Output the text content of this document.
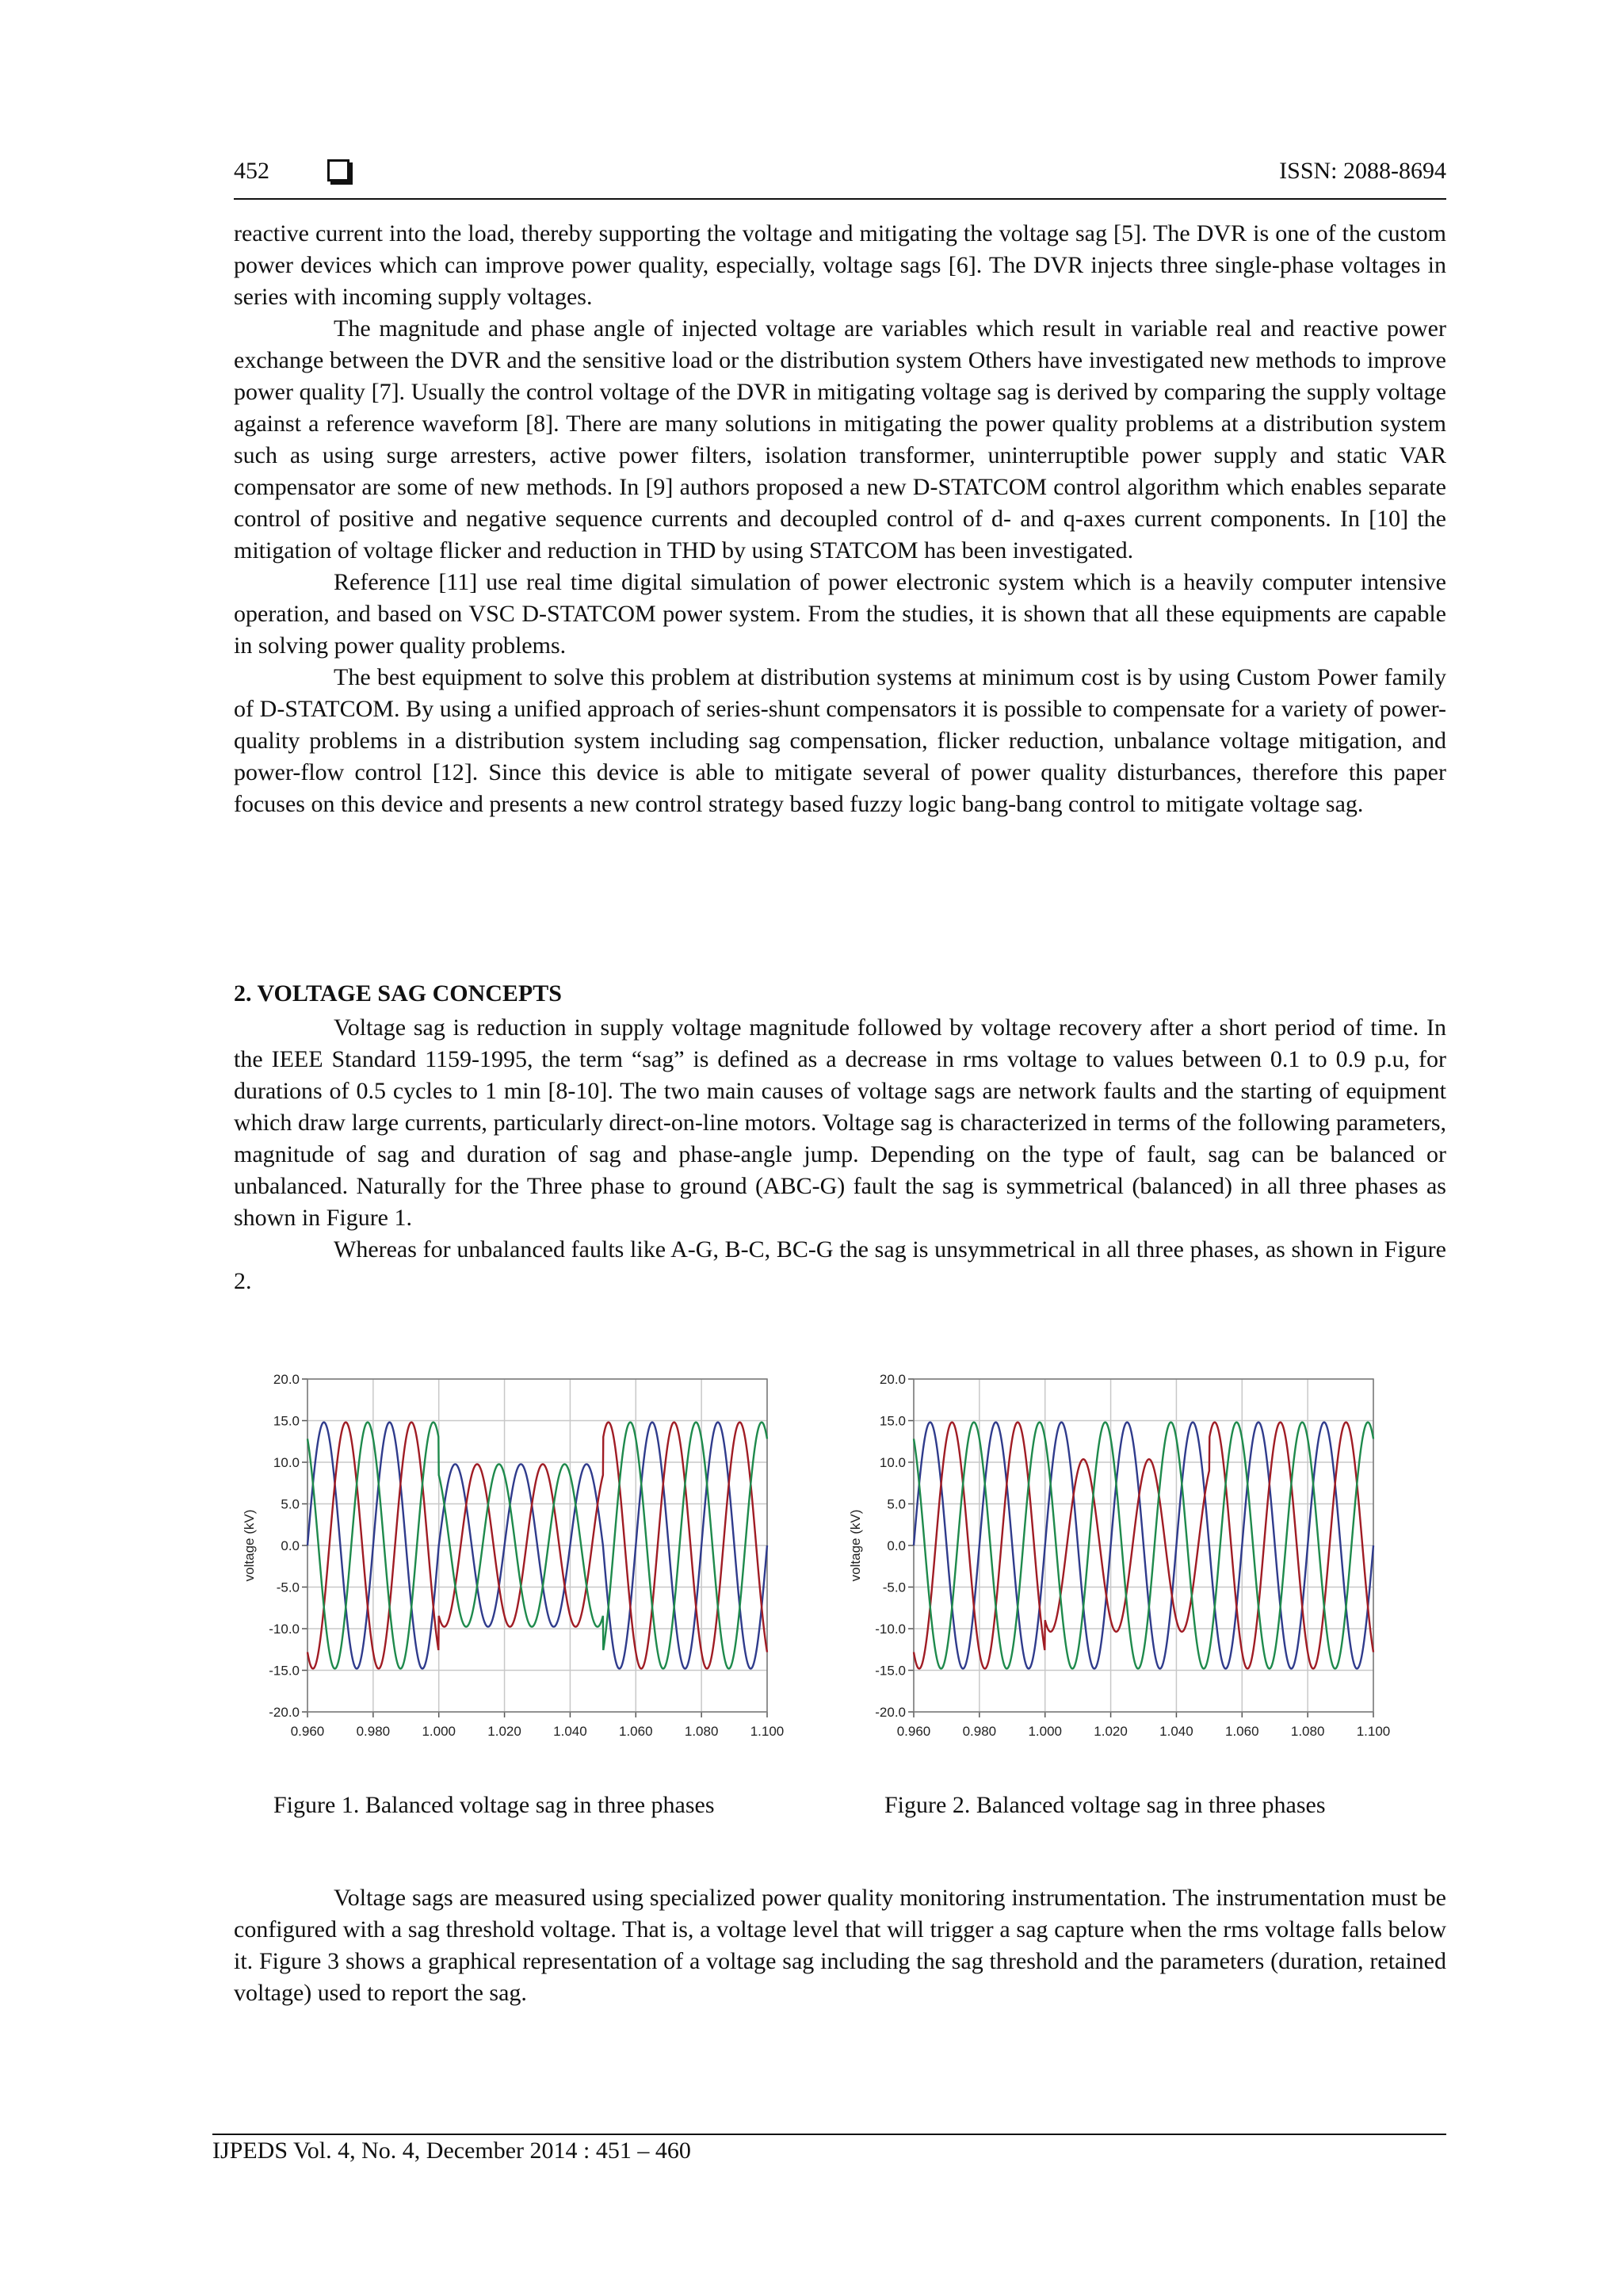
452	ISSN: 2088-8694

reactive current into the load, thereby supporting the voltage and mitigating the voltage sag [5]. The DVR is one of the custom power devices which can improve power quality, especially, voltage sags [6]. The DVR injects three single-phase voltages in series with incoming supply voltages.

The magnitude and phase angle of injected voltage are variables which result in variable real and reactive power exchange between the DVR and the sensitive load or the distribution system Others have investigated new methods to improve power quality [7]. Usually the control voltage of the DVR in mitigating voltage sag is derived by comparing the supply voltage against a reference waveform [8]. There are many solutions in mitigating the power quality problems at a distribution system such as using surge arresters, active power filters, isolation transformer, uninterruptible power supply and static VAR compensator are some of new methods. In [9] authors proposed a new D-STATCOM control algorithm which enables separate control of positive and negative sequence currents and decoupled control of d- and q-axes current components. In [10] the mitigation of voltage flicker and reduction in THD by using STATCOM has been investigated.

Reference [11] use real time digital simulation of power electronic system which is a heavily computer intensive operation, and based on VSC D-STATCOM power system. From the studies, it is shown that all these equipments are capable in solving power quality problems.

The best equipment to solve this problem at distribution systems at minimum cost is by using Custom Power family of D-STATCOM. By using a unified approach of series-shunt compensators it is possible to compensate for a variety of power-quality problems in a distribution system including sag compensation, flicker reduction, unbalance voltage mitigation, and power-flow control [12]. Since this device is able to mitigate several of power quality disturbances, therefore this paper focuses on this device and presents a new control strategy based fuzzy logic bang-bang control to mitigate voltage sag.

2. VOLTAGE SAG CONCEPTS

Voltage sag is reduction in supply voltage magnitude followed by voltage recovery after a short period of time. In the IEEE Standard 1159-1995, the term “sag” is defined as a decrease in rms voltage to values between 0.1 to 0.9 p.u, for durations of 0.5 cycles to 1 min [8-10]. The two main causes of voltage sags are network faults and the starting of equipment which draw large currents, particularly direct-on-line motors. Voltage sag is characterized in terms of the following parameters, magnitude of sag and duration of sag and phase-angle jump. Depending on the type of fault, sag can be balanced or unbalanced. Naturally for the Three phase to ground (ABC-G) fault the sag is symmetrical (balanced) in all three phases as shown in Figure 1.

Whereas for unbalanced faults like A-G, B-C, BC-G the sag is unsymmetrical in all three phases, as shown in Figure 2.

0.960 0.980 1.000 1.020 1.040 1.060 1.080 1.100
20.0
15.0
10.0
5.0
0.0
-5.0
-10.0
-15.0
-20.0
voltage (kV)
0.960 0.980 1.000 1.020 1.040 1.060 1.080 1.100
20.0
15.0
10.0
5.0
0.0
-5.0
-10.0
-15.0
-20.0
voltage (kV)
Figure 1. Balanced voltage sag in three phases	Figure 2. Balanced voltage sag in three phases

Voltage sags are measured using specialized power quality monitoring instrumentation. The instrumentation must be configured with a sag threshold voltage. That is, a voltage level that will trigger a sag capture when the rms voltage falls below it. Figure 3 shows a graphical representation of a voltage sag including the sag threshold and the parameters (duration, retained voltage) used to report the sag.

IJPEDS Vol. 4, No. 4, December 2014 : 451 – 460
